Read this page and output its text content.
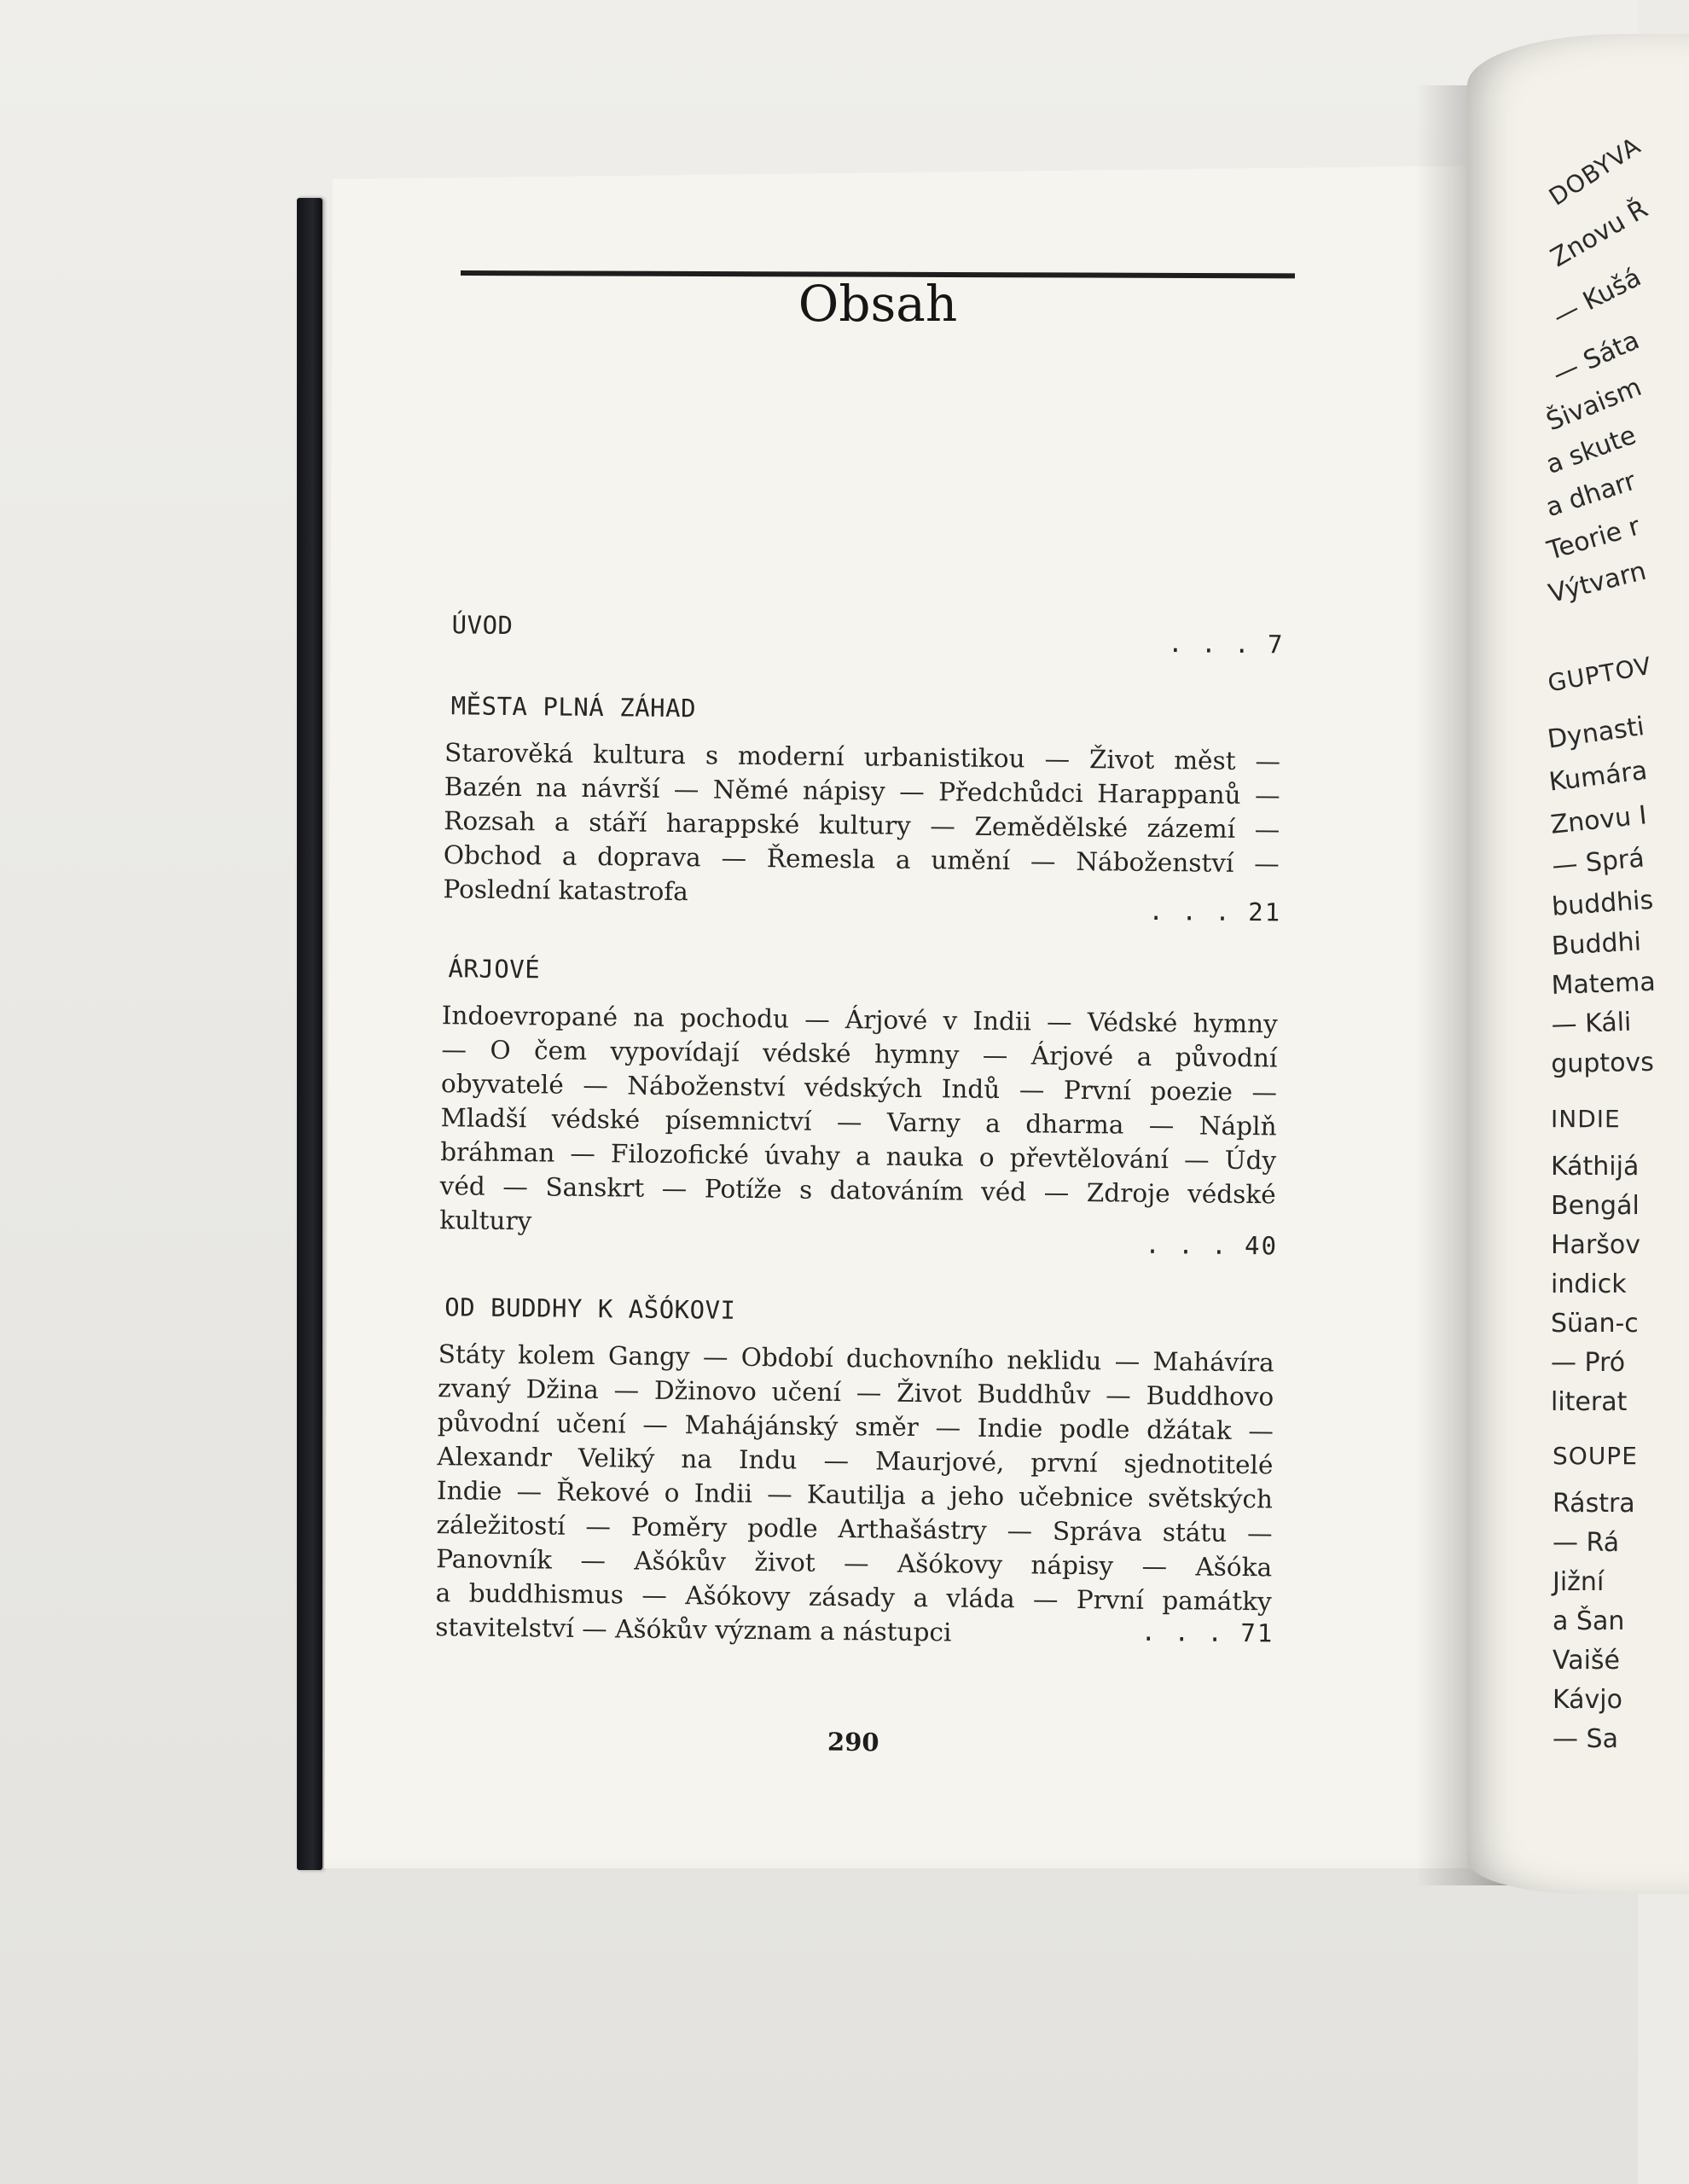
DOBYVA
Znovu Ř
— Kušá
— Sáta
Šivaism
a skute
a dharr
Teorie r
Výtvarn
GUPTOV
Dynasti
Kumára
Znovu I
— Sprá
buddhis
Buddhi
Matema
— Káli
guptovs
INDIE
Káthijá
Bengál
Haršov
indick
Süan-c
— Pró
literat
SOUPE
Rástra
— Rá
Jižní
a Šan
Vaišé
Kávjo
— Sa
Obsah
ÚVOD
. . . 7
MĚSTA PLNÁ ZÁHAD
Starověká kultura s moderní urbanistikou — Život měst —
Bazén na návrší — Němé nápisy — Předchůdci Harappanů —
Rozsah a stáří harappské kultury — Zemědělské zázemí —
Obchod a doprava — Řemesla a umění — Náboženství —
Poslední katastrofa
. . . 21
ÁRJOVÉ
Indoevropané na pochodu — Árjové v Indii — Védské hymny
— O čem vypovídají védské hymny — Árjové a původní
obyvatelé — Náboženství védských Indů — První poezie —
Mladší védské písemnictví — Varny a dharma — Náplň
bráhman — Filozofické úvahy a nauka o převtělování — Údy
véd — Sanskrt — Potíže s datováním véd — Zdroje védské
kultury
. . . 40
OD BUDDHY K AŠÓKOVI
Státy kolem Gangy — Období duchovního neklidu — Mahávíra
zvaný Džina — Džinovo učení — Život Buddhův — Buddhovo
původní učení — Mahájánský směr — Indie podle džátak —
Alexandr Veliký na Indu — Maurjové, první sjednotitelé
Indie — Řekové o Indii — Kautilja a jeho učebnice světských
záležitostí — Poměry podle Arthašástry — Správa státu —
Panovník — Ašókův život — Ašókovy nápisy — Ašóka
a buddhismus — Ašókovy zásady a vláda — První památky
stavitelství — Ašókův význam a nástupci	. . . 71
290
